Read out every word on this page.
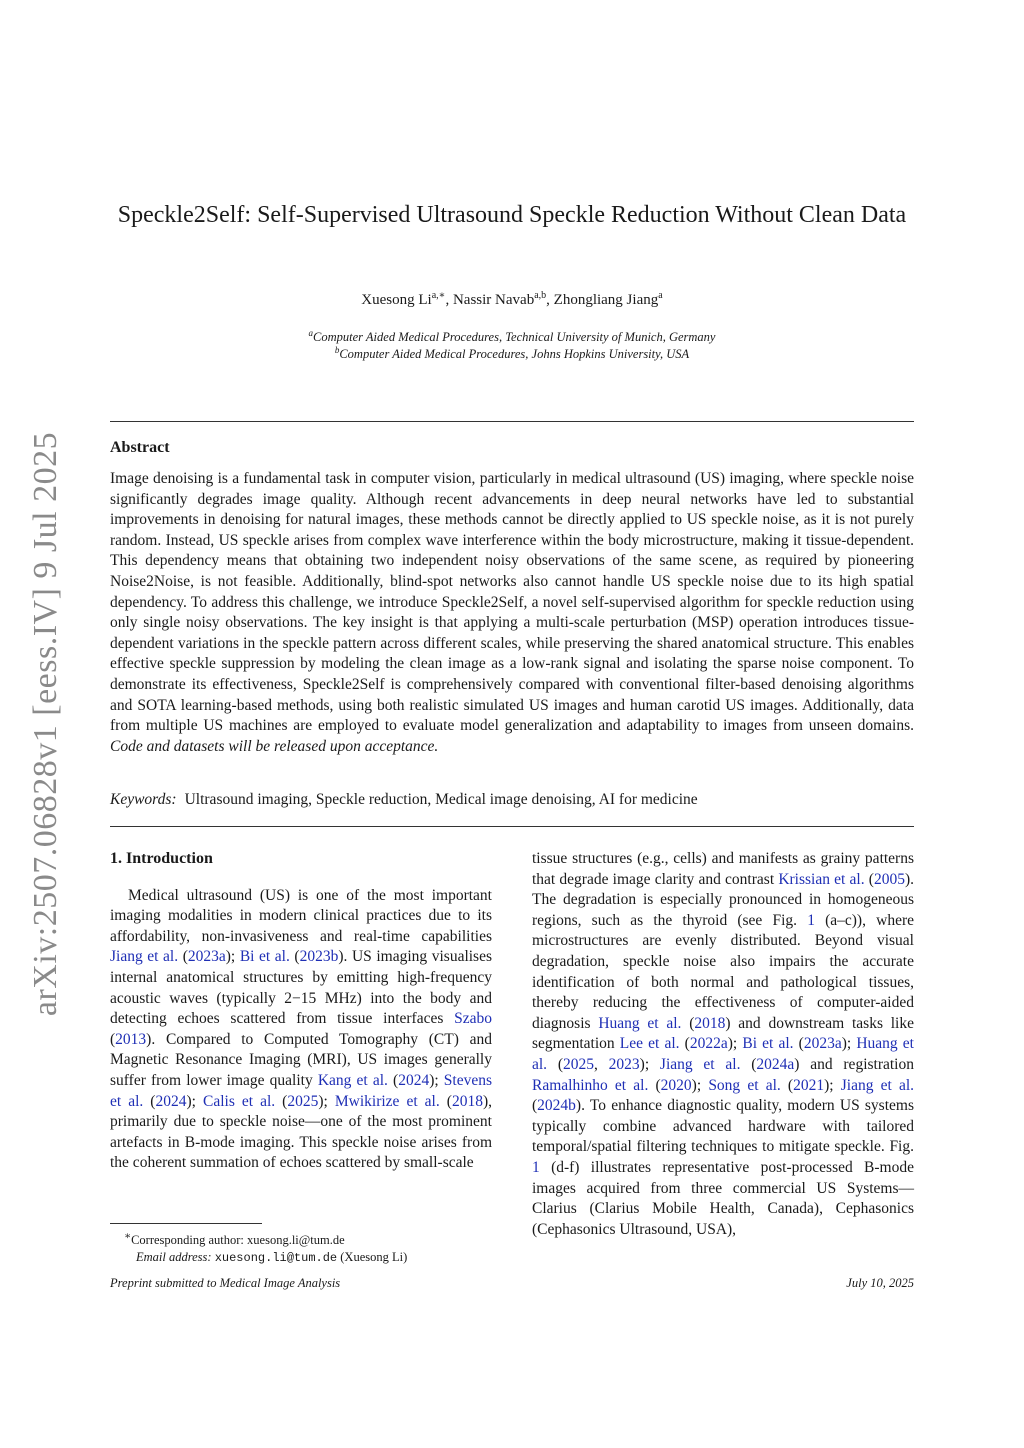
arXiv:2507.06828v1 [eess.IV] 9 Jul 2025
Speckle2Self: Self-Supervised Ultrasound Speckle Reduction Without Clean Data
Xuesong $Li^{a,∗}$, Nassir Navab$^{a,b}$, Zhongliang Jiang$^a$
$^a$Computer Aided Medical Procedures, Technical University of Munich, Germany
$^b$Computer Aided Medical Procedures, Johns Hopkins University, USA
Abstract
Image denoising is a fundamental task in computer vision, particularly in medical ultrasound (US) imaging, where speckle noise significantly degrades image quality. Although recent advancements in deep neural networks have led to substantial improvements in denoising for natural images, these methods cannot be directly applied to US speckle noise, as it is not purely random. Instead, US speckle arises from complex wave interference within the body microstructure, making it tissue-dependent. This dependency means that obtaining two independent noisy observations of the same scene, as required by pioneering Noise2Noise, is not feasible. Additionally, blind-spot networks also cannot handle US speckle noise due to its high spatial dependency. To address this challenge, we introduce Speckle2Self, a novel self-supervised algorithm for speckle reduction using only single noisy observations. The key insight is that applying a multi-scale perturbation (MSP) operation introduces tissue-dependent variations in the speckle pattern across different scales, while preserving the shared anatomical structure. This enables effective speckle suppression by modeling the clean image as a low-rank signal and isolating the sparse noise component. To demonstrate its effectiveness, Speckle2Self is comprehensively compared with conventional filter-based denoising algorithms and SOTA learning-based methods, using both realistic simulated US images and human carotid US images. Additionally, data from multiple US machines are employed to evaluate model generalization and adaptability to images from unseen domains. Code and datasets will be released upon acceptance.
Keywords: Ultrasound imaging, Speckle reduction, Medical image denoising, AI for medicine

1. Introduction

Medical ultrasound (US) is one of the most important imaging modalities in modern clinical practices due to its affordability, non-invasiveness and real-time capabilities Jiang et al. (2023a); Bi et al. (2023b). US imaging visualises internal anatomical structures by emitting high-frequency acoustic waves (typically 2−15 MHz) into the body and detecting echoes scattered from tissue interfaces Szabo (2013). Compared to Computed Tomography (CT) and Magnetic Resonance Imaging (MRI), US images generally suffer from lower image quality Kang et al. (2024); Stevens et al. (2024); Calis et al. (2025); Mwikirize et al. (2018), primarily due to speckle noise—one of the most prominent artefacts in B-mode imaging. This speckle noise arises from the coherent summation of echoes scattered by small-scale

tissue structures (e.g., cells) and manifests as grainy patterns that degrade image clarity and contrast Krissian et al. (2005). The degradation is especially pronounced in homogeneous regions, such as the thyroid (see Fig. 1 (a–c)), where microstructures are evenly distributed. Beyond visual degradation, speckle noise also impairs the accurate identification of both normal and pathological tissues, thereby reducing the effectiveness of computer-aided diagnosis Huang et al. (2018) and downstream tasks like segmentation Lee et al. (2022a); Bi et al. (2023a); Huang et al. (2025, 2023); Jiang et al. (2024a) and registration Ramalhinho et al. (2020); Song et al. (2021); Jiang et al. (2024b). To enhance diagnostic quality, modern US systems typically combine advanced hardware with tailored temporal/spatial filtering techniques to mitigate speckle. Fig. 1 (d-f) illustrates representative post-processed B-mode images acquired from three commercial US Systems—Clarius (Clarius Mobile Health, Canada), Cephasonics (Cephasonics Ultrasound, USA),

∗Corresponding author: xuesong.li@tum.de
Email address: xuesong.li@tum.de (Xuesong Li)
Preprint submitted to Medical Image Analysis	July 10, 2025
